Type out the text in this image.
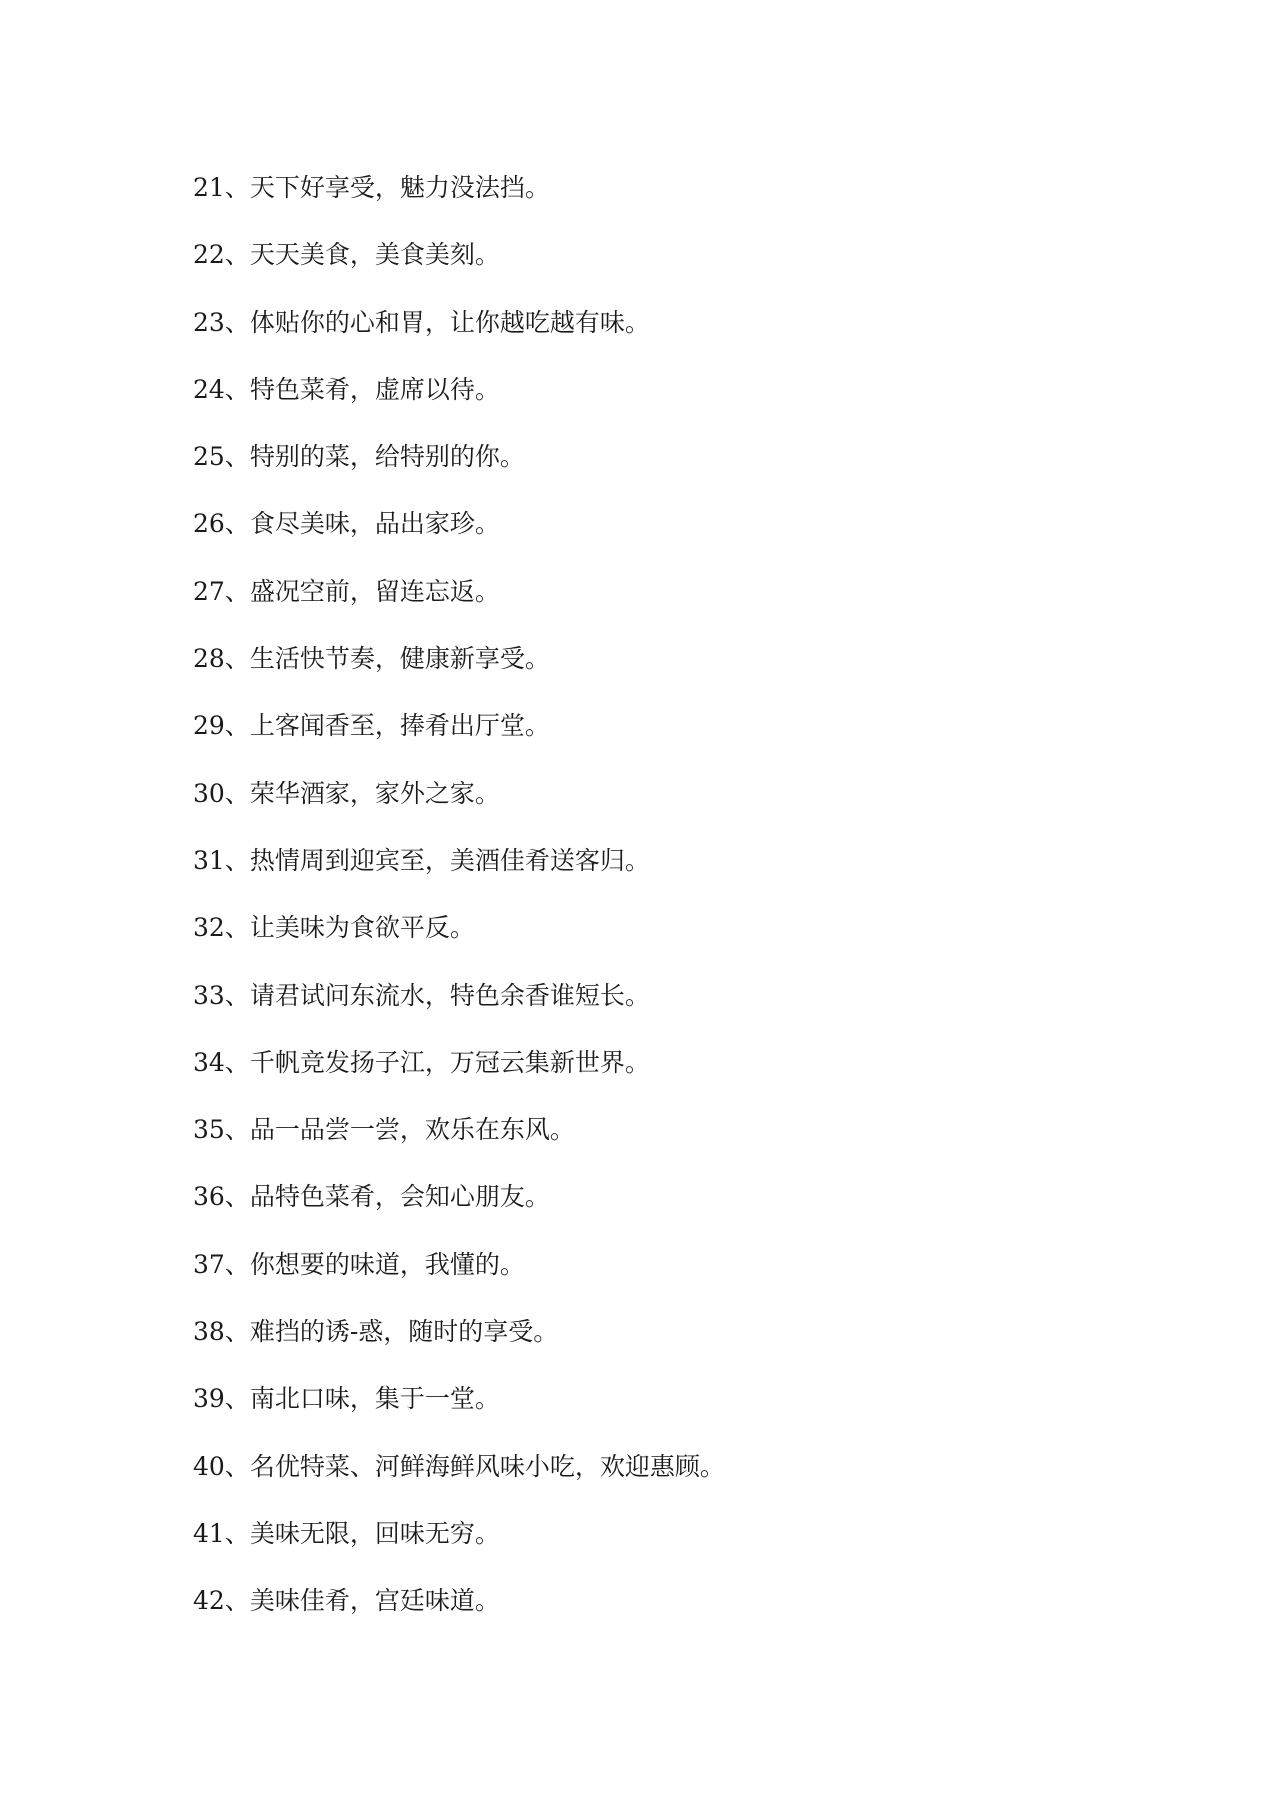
21、天下好享受，魅力没法挡。
22、天天美食，美食美刻。
23、体贴你的心和胃，让你越吃越有味。
24、特色菜肴，虚席以待。
25、特别的菜，给特别的你。
26、食尽美味，品出家珍。
27、盛况空前，留连忘返。
28、生活快节奏，健康新享受。
29、上客闻香至，捧肴出厅堂。
30、荣华酒家，家外之家。
31、热情周到迎宾至，美酒佳肴送客归。
32、让美味为食欲平反。
33、请君试问东流水，特色余香谁短长。
34、千帆竞发扬子江，万冠云集新世界。
35、品一品尝一尝，欢乐在东风。
36、品特色菜肴，会知心朋友。
37、你想要的味道，我懂的。
38、难挡的诱-惑，随时的享受。
39、南北口味，集于一堂。
40、名优特菜、河鲜海鲜风味小吃，欢迎惠顾。
41、美味无限，回味无穷。
42、美味佳肴，宫廷味道。
